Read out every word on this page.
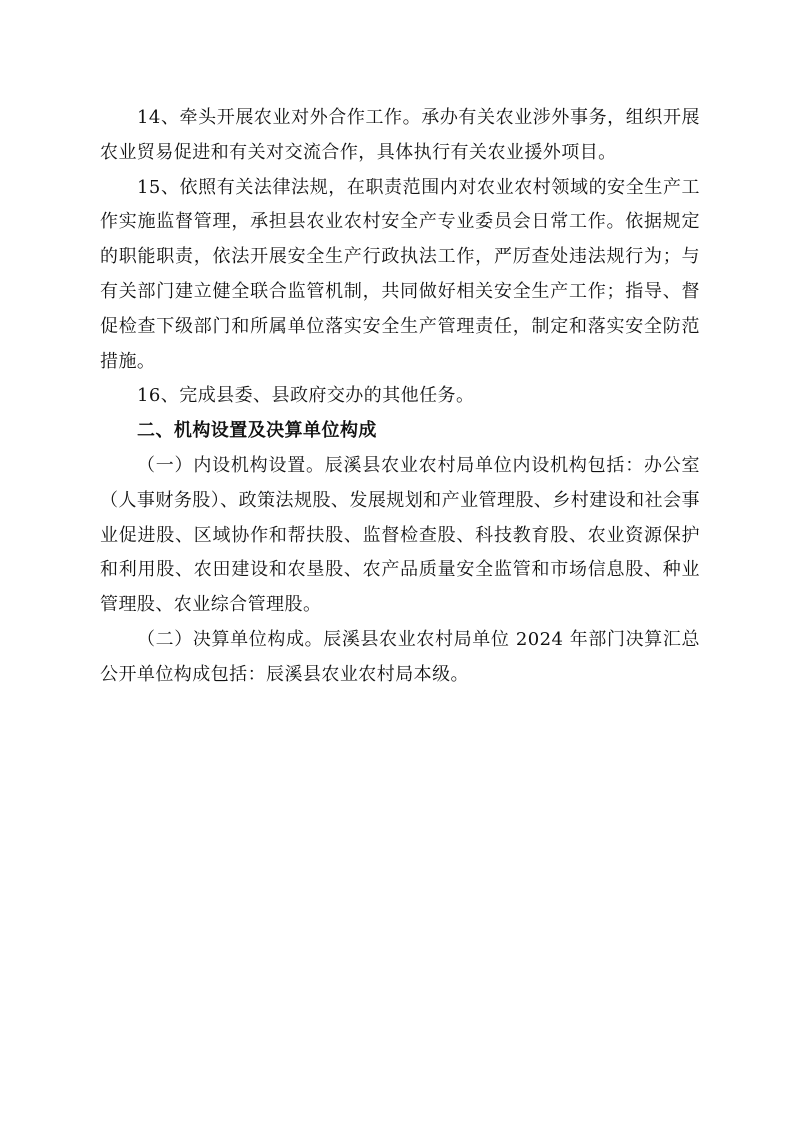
14、牵头开展农业对外合作工作。承办有关农业涉外事务，组织开展农业贸易促进和有关对交流合作，具体执行有关农业援外项目。

15、依照有关法律法规，在职责范围内对农业农村领域的安全生产工作实施监督管理，承担县农业农村安全产专业委员会日常工作。依据规定的职能职责，依法开展安全生产行政执法工作，严厉查处违法规行为；与有关部门建立健全联合监管机制，共同做好相关安全生产工作；指导、督促检查下级部门和所属单位落实安全生产管理责任，制定和落实安全防范措施。

16、完成县委、县政府交办的其他任务。

二、机构设置及决算单位构成

（一）内设机构设置。辰溪县农业农村局单位内设机构包括：办公室（人事财务股）、政策法规股、发展规划和产业管理股、乡村建设和社会事业促进股、区域协作和帮扶股、监督检查股、科技教育股、农业资源保护和利用股、农田建设和农垦股、农产品质量安全监管和市场信息股、种业管理股、农业综合管理股。

（二）决算单位构成。辰溪县农业农村局单位 2024 年部门决算汇总公开单位构成包括：辰溪县农业农村局本级。
